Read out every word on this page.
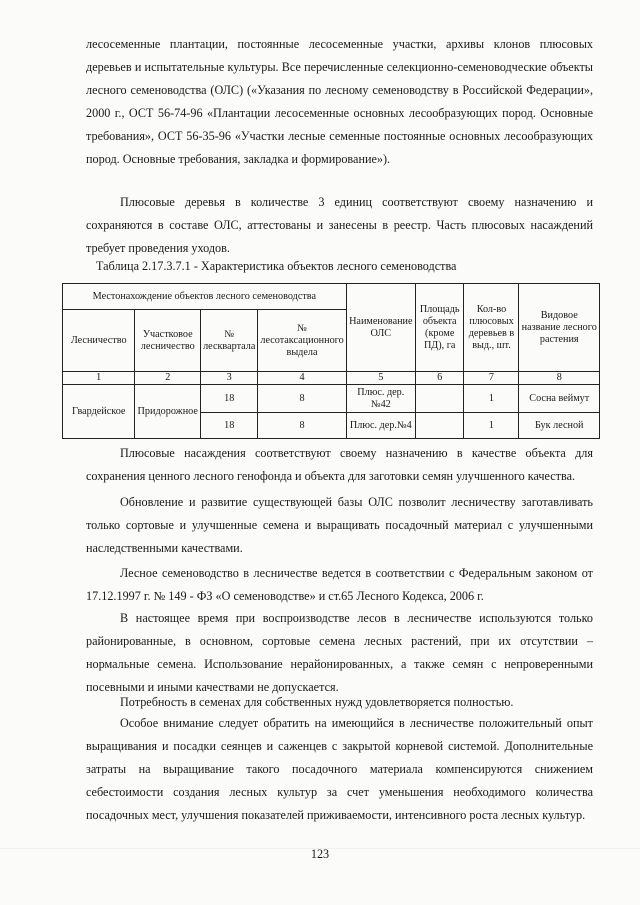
лесосеменные плантации, постоянные лесосеменные участки, архивы клонов плюсовых деревьев и испытательные культуры. Все перечисленные селекционно-семеноводческие объекты лесного семеноводства (ОЛС) («Указания по лесному семеноводству в Российской Федерации», 2000 г., ОСТ 56-74-96 «Плантации лесосеменные основных лесообразующих пород. Основные требования», ОСТ 56-35-96 «Участки лесные семенные постоянные основных лесообразующих пород. Основные требования, закладка и формирование»).

Плюсовые деревья в количестве 3 единиц соответствуют своему назначению и сохраняются в составе ОЛС, аттестованы и занесены в реестр. Часть плюсовых насаждений требует проведения уходов.

Таблица 2.17.3.7.1 - Характеристика объектов лесного семеноводства
Местонахождение объектов лесного семеноводства				Наименование ОЛС	Площадь объекта (кроме ПД), га	Кол-во плюсовых деревьев в выд., шт.	Видовое название лесного растения
Лесничество	Участковое лесничество	№ лесквартала	№ лесотаксационного выдела				
1	2	3	4	5	6	7	8
Гвардейское	Придорожное	18	8	Плюс. дер.№42		1	Сосна веймут
		18	8	Плюс. дер.№4		1	Бук лесной

Плюсовые насаждения соответствуют своему назначению в качестве объекта для сохранения ценного лесного генофонда и объекта для заготовки семян улучшенного качества.

Обновление и развитие существующей базы ОЛС позволит лесничеству заготавливать только сортовые и улучшенные семена и выращивать посадочный материал с улучшенными наследственными качествами.

Лесное семеноводство в лесничестве ведется в соответствии с Федеральным законом от 17.12.1997 г. № 149 - ФЗ «О семеноводстве» и ст.65 Лесного Кодекса, 2006 г.

В настоящее время при воспроизводстве лесов в лесничестве используются только районированные, в основном, сортовые семена лесных растений, при их отсутствии – нормальные семена. Использование нерайонированных, а также семян с непроверенными посевными и иными качествами не допускается.

Потребность в семенах для собственных нужд удовлетворяется полностью.

Особое внимание следует обратить на имеющийся в лесничестве положительный опыт выращивания и посадки сеянцев и саженцев с закрытой корневой системой. Дополнительные затраты на выращивание такого посадочного материала компенсируются снижением себестоимости создания лесных культур за счет уменьшения необходимого количества посадочных мест, улучшения показателей приживаемости, интенсивного роста лесных культур.

123
